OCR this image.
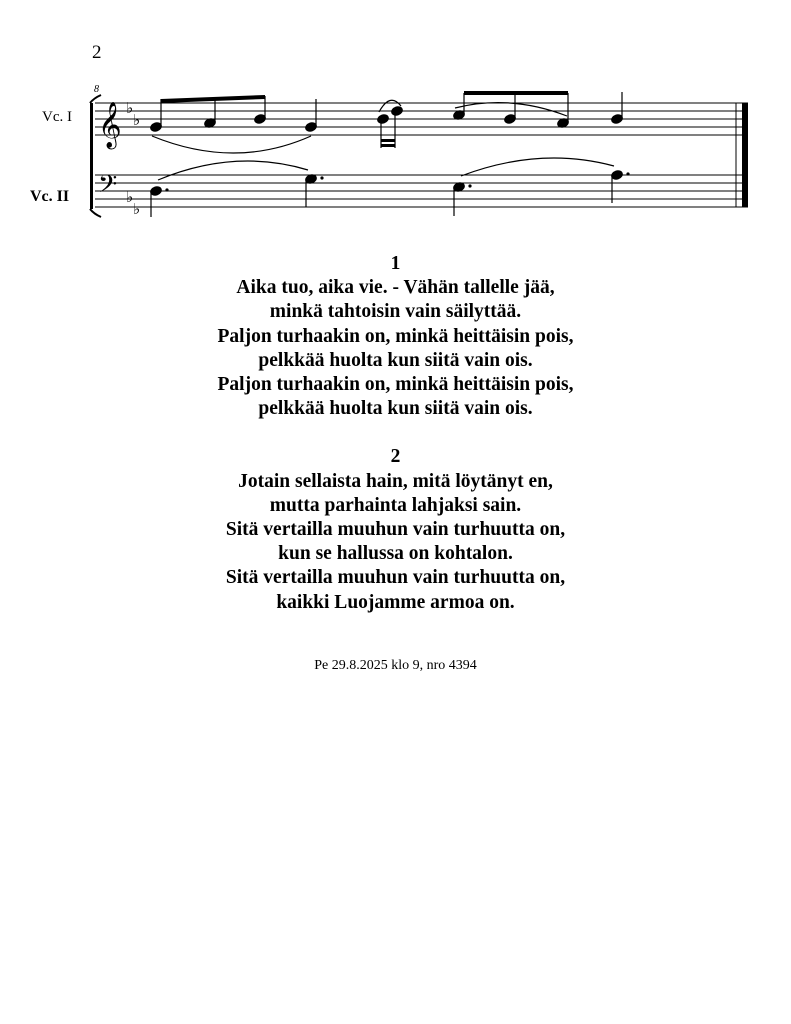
2
Vc. I
Vc. II
8
𝄞 ♭
♭
𝄢 ♭
♭
1
Aika tuo, aika vie. - Vähän tallelle jää,
minkä tahtoisin vain säilyttää.
Paljon turhaakin on, minkä heittäisin pois,
pelkkää huolta kun siitä vain ois.
Paljon turhaakin on, minkä heittäisin pois,
pelkkää huolta kun siitä vain ois.
2
Jotain sellaista hain, mitä löytänyt en,
mutta parhainta lahjaksi sain.
Sitä vertailla muuhun vain turhuutta on,
kun se hallussa on kohtalon.
Sitä vertailla muuhun vain turhuutta on,
kaikki Luojamme armoa on.
Pe 29.8.2025 klo 9, nro 4394
